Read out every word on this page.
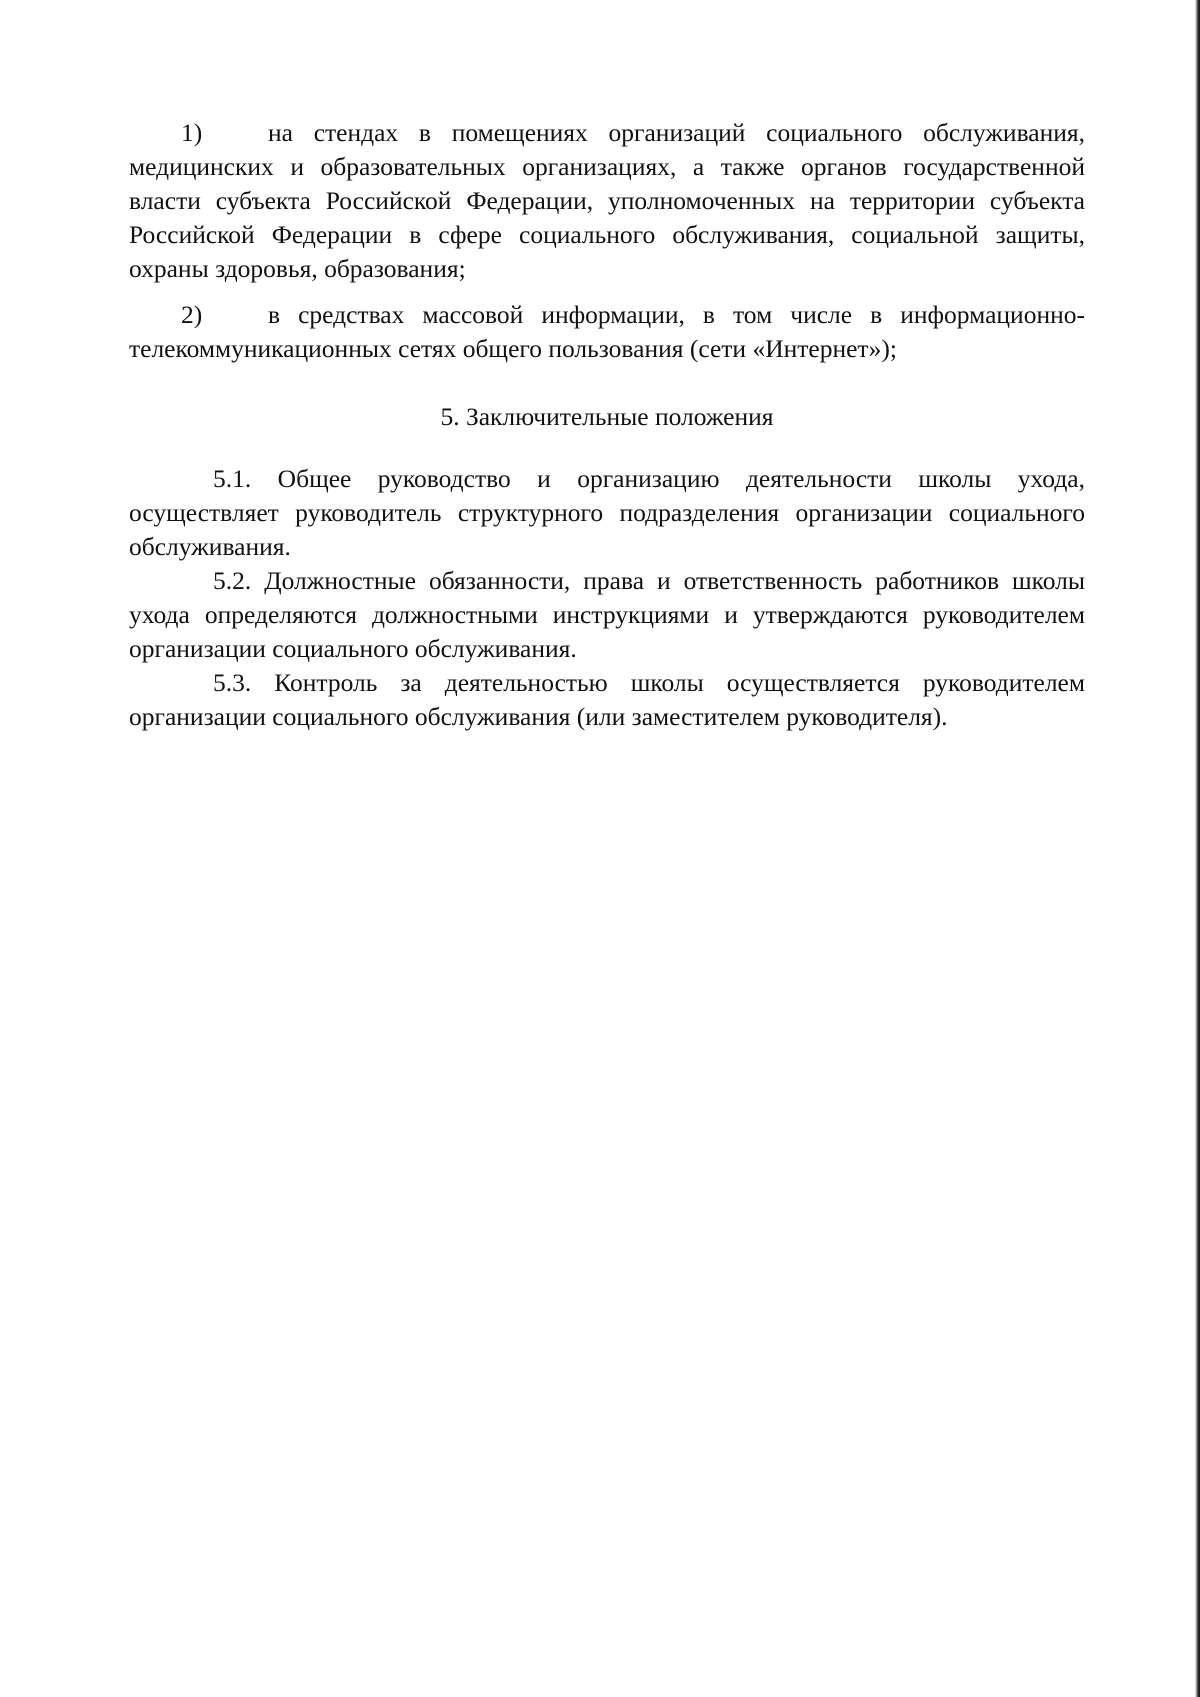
1)	на стендах в помещениях организаций социального обслуживания, медицинских и образовательных организациях, а также органов государственной власти субъекта Российской Федерации, уполномоченных на территории субъекта Российской Федерации в сфере социального обслуживания, социальной защиты, охраны здоровья, образования;

2)	в средствах массовой информации, в том числе в информационно-телекоммуникационных сетях общего пользования (сети «Интернет»);

5. Заключительные положения

5.1. Общее руководство и организацию деятельности школы ухода, осуществляет руководитель структурного подразделения организации социального обслуживания.

5.2. Должностные обязанности, права и ответственность работников школы ухода определяются должностными инструкциями и утверждаются руководителем организации социального обслуживания.

5.3. Контроль за деятельностью школы осуществляется руководителем организации социального обслуживания (или заместителем руководителя).
